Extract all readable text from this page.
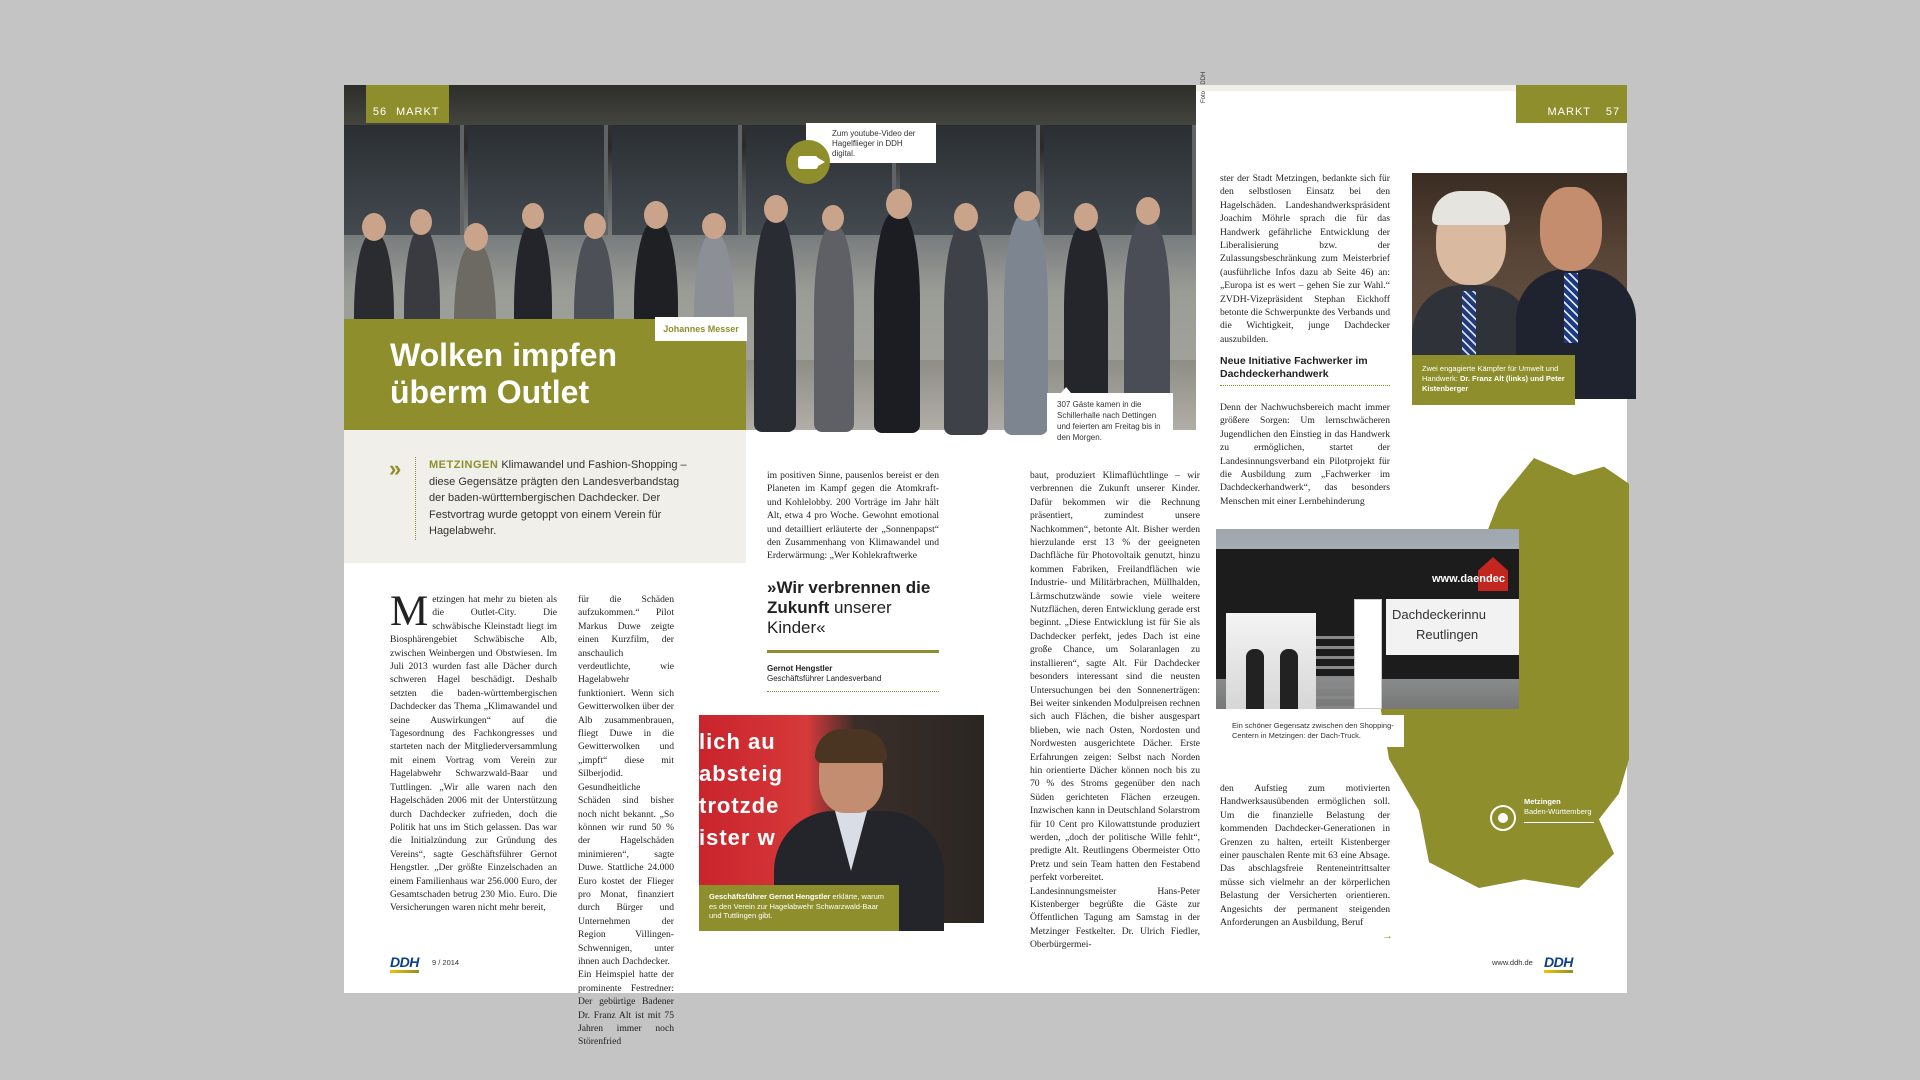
56 MARKT
Zum youtube-Video der Hagelflieger in DDH digital.
Wolken impfen
überm Outlet
Johannes Messer
307 Gäste kamen in die Schillerhalle nach Dettingen und feierten am Freitag bis in den Morgen.
»	METZINGEN Klimawandel und Fashion-Shopping – diese Gegensätze prägten den Landesverbandstag der baden-württembergischen Dachdecker. Der Festvortrag wurde getoppt von einem Verein für Hagelabwehr.
M etzingen hat mehr zu bieten als die Outlet-City. Die schwäbische Kleinstadt liegt im Biosphärengebiet Schwäbische Alb, zwischen Weinbergen und Obstwiesen. Im Juli 2013 wurden fast alle Dächer durch schweren Hagel beschädigt. Deshalb setzten die baden-württembergischen Dachdecker das Thema „Klimawandel und seine Auswirkungen“ auf die Tagesordnung des Fachkongresses und starteten nach der Mitgliederversammlung mit einem Vortrag vom Verein zur Hagelabwehr Schwarzwald-Baar und Tuttlingen. „Wir alle waren nach den Hagelschäden 2006 mit der Unterstützung durch Dachdecker zufrieden, doch die Politik hat uns im Stich gelassen. Das war die Initialzündung zur Gründung des Vereins“, sagte Geschäftsführer Gernot Hengstler. „Der größte Einzelschaden an einem Familienhaus war 256.000 Euro, der Gesamtschaden betrug 230 Mio. Euro. Die Versicherungen waren nicht mehr bereit,
für die Schäden aufzukommen.“ Pilot Markus Duwe zeigte einen Kurzfilm, der anschaulich verdeutlichte, wie Hagelabwehr funktioniert. Wenn sich Gewitterwolken über der Alb zusammenbrauen, fliegt Duwe in die Gewitterwolken und „impft“ diese mit Silberjodid. Gesundheitliche Schäden sind bisher noch nicht bekannt. „So können wir rund 50 % der Hagelschäden minimieren“, sagte Duwe. Stattliche 24.000 Euro kostet der Flieger pro Monat, finanziert durch Bürger und Unternehmen der Region Villingen-Schwennigen, unter ihnen auch Dachdecker.
Ein Heimspiel hatte der prominente Festredner: Der gebürtige Badener Dr. Franz Alt ist mit 75 Jahren immer noch Störenfried
im positiven Sinne, pausenlos bereist er den Planeten im Kampf gegen die Atomkraft- und Kohlelobby. 200 Vorträge im Jahr hält Alt, etwa 4 pro Woche. Gewohnt emotional und detailliert erläuterte der „Sonnenpapst“ den Zusammenhang von Klimawandel und Erderwärmung: „Wer Kohlekraftwerke
»Wir verbrennen die Zukunft unserer Kinder«
Gernot Hengstler
Geschäftsführer Landesverband
lich au
absteig
trotzde
ister w
Geschäftsführer Gernot Hengstler erklärte, warum es den Verein zur Hagelabwehr Schwarzwald-Baar und Tuttlingen gibt.
baut, produziert Klimaflüchtlinge – wir verbrennen die Zukunft unserer Kinder. Dafür bekommen wir die Rechnung präsentiert, zumindest unsere Nachkommen“, betonte Alt. Bisher werden hierzulande erst 13 % der geeigneten Dachfläche für Photovoltaik genutzt, hinzu kommen Fabriken, Freilandflächen wie Industrie- und Militärbrachen, Müllhalden, Lärmschutzwände sowie viele weitere Nutzflächen, deren Entwicklung gerade erst beginnt. „Diese Entwicklung ist für Sie als Dachdecker perfekt, jedes Dach ist eine große Chance, um Solaranlagen zu installieren“, sagte Alt. Für Dachdecker besonders interessant sind die neusten Untersuchungen bei den Sonnenerträgen: Bei weiter sinkenden Modulpreisen rechnen sich auch Flächen, die bisher ausgespart blieben, wie nach Osten, Nordosten und Nordwesten ausgerichtete Dächer. Erste Erfahrungen zeigen: Selbst nach Norden hin orientierte Dächer können noch bis zu 70 % des Stroms gegenüber den nach Süden gerichteten Flächen erzeugen. Inzwischen kann in Deutschland Solarstrom für 10 Cent pro Kilowattstunde produziert werden, „doch der politische Wille fehlt“, predigte Alt. Reutlingens Obermeister Otto Pretz und sein Team hatten den Festabend perfekt vorbereitet.
Landesinnungsmeister Hans-Peter Kistenberger begrüßte die Gäste zur Öffentlichen Tagung am Samstag in der Metzinger Festkelter. Dr. Ulrich Fiedler, Oberbürgermei-
DDH 9 / 2014
MARKT	57
ster der Stadt Metzingen, bedankte sich für den selbstlosen Einsatz bei den Hagelschäden. Landeshandwerkspräsident Joachim Möhrle sprach die für das Handwerk gefährliche Entwicklung der Liberalisierung bzw. der Zulassungsbeschränkung zum Meisterbrief (ausführliche Infos dazu ab Seite 46) an: „Europa ist es wert – gehen Sie zur Wahl.“ ZVDH-Vizepräsident Stephan Eickhoff betonte die Schwerpunkte des Verbands und die Wichtigkeit, junge Dachdecker auszubilden.
Neue Initiative Fachwerker im Dachdeckerhandwerk
Denn der Nachwuchsbereich macht immer größere Sorgen: Um lernschwächeren Jugendlichen den Einstieg in das Handwerk zu ermöglichen, startet der Landesinnungsverband ein Pilotprojekt für die Ausbildung zum „Fachwerker im Dachdeckerhandwerk“, das besonders Menschen mit einer Lernbehinderung
Metzingen
Baden-Württemberg
Zwei engagierte Kämpfer für Umwelt und Handwerk: Dr. Franz Alt (links) und Peter Kistenberger
www.daendec
Dachdeckerinnu
Reutlingen
Ein schöner Gegensatz zwischen den Shopping-Centern in Metzingen: der Dach-Truck.
den Aufstieg zum motivierten Handwerksausübenden ermöglichen soll. Um die finanzielle Belastung der kommenden Dachdecker-Generationen in Grenzen zu halten, erteilt Kistenberger einer pauschalen Rente mit 63 eine Absage. Das abschlagsfreie Renteneintrittsalter müsse sich vielmehr an der körperlichen Belastung der Versicherten orientieren. Angesichts der permanent steigenden Anforderungen an Ausbildung, Beruf
→
www.ddh.de DDH
